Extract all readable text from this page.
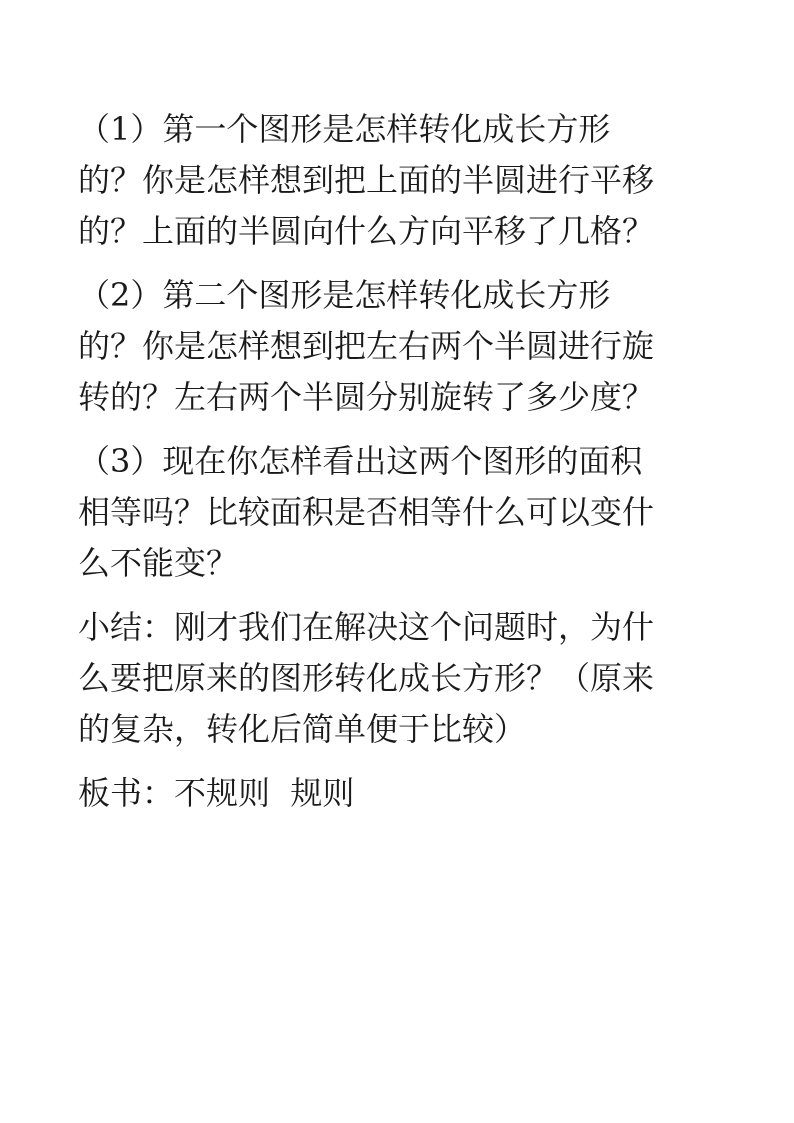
（1）第一个图形是怎样转化成长方形
的？你是怎样想到把上面的半圆进行平移
的？上面的半圆向什么方向平移了几格？
（2）第二个图形是怎样转化成长方形
的？你是怎样想到把左右两个半圆进行旋
转的？左右两个半圆分别旋转了多少度？
（3）现在你怎样看出这两个图形的面积
相等吗？比较面积是否相等什么可以变什
么不能变？
小结：刚才我们在解决这个问题时，为什
么要把原来的图形转化成长方形？（原来
的复杂，转化后简单便于比较）
板书：不规则  规则
